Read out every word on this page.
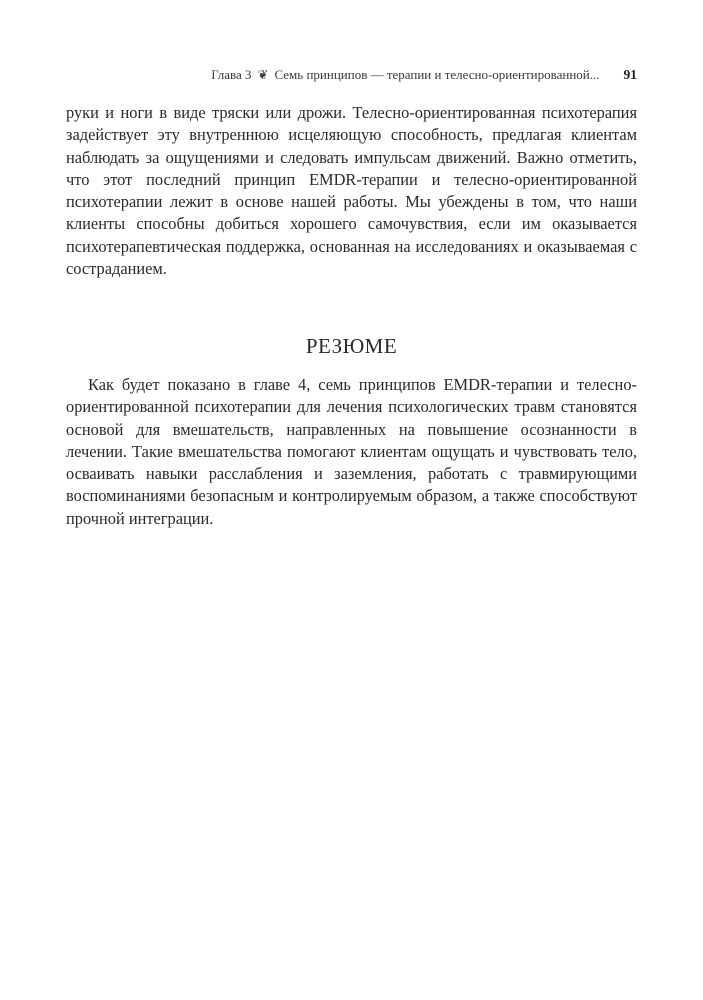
Глава 3 ❦ Семь принципов — терапии и телесно-ориентированной... 91

руки и ноги в виде тряски или дрожи. Телесно-ориентированная психотерапия задействует эту внутреннюю исцеляющую способность, предлагая клиентам наблюдать за ощущениями и следовать импульсам движений. Важно отметить, что этот последний принцип EMDR-терапии и телесно-ориентированной психотерапии лежит в основе нашей работы. Мы убеждены в том, что наши клиенты способны добиться хорошего самочувствия, если им оказывается психотерапевтическая поддержка, основанная на исследованиях и оказываемая с состраданием.

РЕЗЮМЕ

Как будет показано в главе 4, семь принципов EMDR-терапии и телесно-ориентированной психотерапии для лечения психологических травм становятся основой для вмешательств, направленных на повышение осознанности в лечении. Такие вмешательства помогают клиентам ощущать и чувствовать тело, осваивать навыки расслабления и заземления, работать с травмирующими воспоминаниями безопасным и контролируемым образом, а также способствуют прочной интеграции.
